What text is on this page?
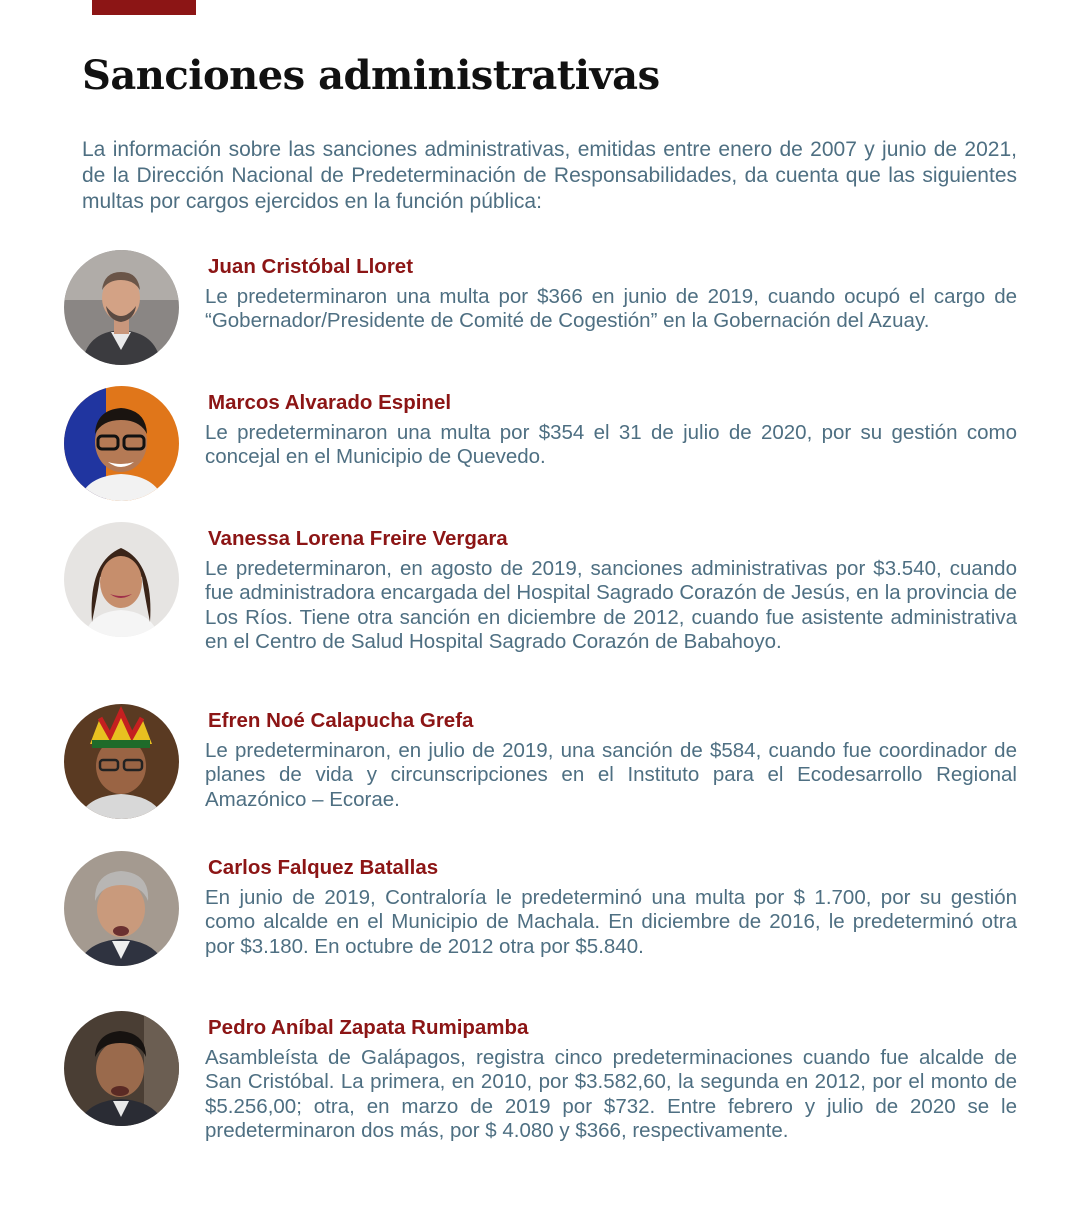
Sanciones administrativas

La información sobre las sanciones administrativas, emitidas entre enero de 2007 y junio de 2021, de la Dirección Nacional de Predeterminación de Responsabilidades, da cuenta que las siguientes multas por cargos ejercidos en la función pública:

Juan Cristóbal Lloret

Le predeterminaron una multa por $366 en junio de 2019, cuando ocupó el cargo de “Gobernador/Presidente de Comité de Cogestión” en la Gobernación del Azuay.

Marcos Alvarado Espinel

Le predeterminaron una multa por $354 el 31 de julio de 2020, por su gestión como concejal en el Municipio de Quevedo.

Vanessa Lorena Freire Vergara

Le predeterminaron, en agosto de 2019, sanciones administrativas por $3.540, cuando fue administradora encargada del Hospital Sagrado Corazón de Jesús, en la provincia de Los Ríos. Tiene otra sanción en diciembre de 2012, cuando fue asistente administrativa en el Centro de Salud Hospital Sagrado Corazón de Babahoyo.

Efren Noé Calapucha Grefa

Le predeterminaron, en julio de 2019, una sanción de $584, cuando fue coordinador de planes de vida y circunscripciones en el Instituto para el Ecodesarrollo Regional Amazónico – Ecorae.

Carlos Falquez Batallas

En junio de 2019, Contraloría le predeterminó una multa por $ 1.700, por su gestión como alcalde en el Municipio de Machala. En diciembre de 2016, le predeterminó otra por $3.180. En octubre de 2012 otra por $5.840.

Pedro Aníbal Zapata Rumipamba

Asambleísta de Galápagos, registra cinco predeterminaciones cuando fue alcalde de San Cristóbal. La primera, en 2010, por $3.582,60, la segunda en 2012, por el monto de $5.256,00; otra, en marzo de 2019 por $732. Entre febrero y julio de 2020 se le predeterminaron dos más, por $ 4.080 y $366, respectivamente.
